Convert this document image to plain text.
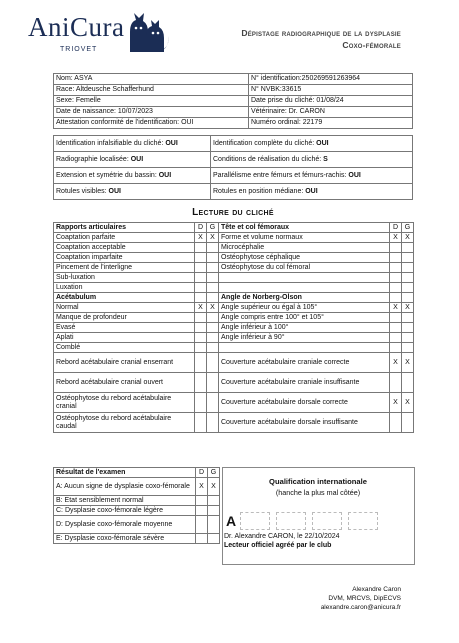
AniCura
TRIOVET
Dépistage radiographique de la dysplasie
Coxo-fémorale
Nom: ASYA	N° identification:250269591263964
Race: Altdeusche Schafferhund	N° NVBK:33615
Sexe: Femelle	Date prise du cliché: 01/08/24
Date de naissance: 10/07/2023	Vétérinaire: Dr. CARON
Attestation conformité de l'identification: OUI	Numéro ordinal: 22179
Identification infalsifiable du cliché: OUI	Identification complète du cliché: OUI
Radiographie localisée: OUI	Conditions de réalisation du cliché: S
Extension et symétrie du bassin: OUI	Parallélisme entre fémurs et fémurs-rachis: OUI
Rotules visibles: OUI	Rotules en position médiane: OUI
Lecture du cliché
Rapports articulaires	D	G	Tête et col fémoraux	D	G
Coaptation parfaite	X	X	Forme et volume normaux	X	X
Coaptation acceptable			Microcéphalie		
Coaptation imparfaite			Ostéophytose céphalique		
Pincement de l'interligne			Ostéophytose du col fémoral		
Sub-luxation					
Luxation					
Acétabulum			Angle de Norberg-Olson		
Normal	X	X	Angle supérieur ou égal à 105°	X	X
Manque de profondeur			Angle compris entre 100° et 105°		
Evasé			Angle inférieur à 100°		
Aplati			Angle inférieur à 90°		
Comblé					
Rebord acétabulaire cranial enserrant			Couverture acétabulaire craniale correcte	X	X
Rebord acétabulaire cranial ouvert			Couverture acétabulaire craniale insuffisante		
Ostéophytose du rebord acétabulaire cranial			Couverture acétabulaire dorsale correcte	X	X
Ostéophytose du rebord acétabulaire caudal			Couverture acétabulaire dorsale insuffisante		
Résultat de l'examen	D	G
A: Aucun signe de dysplasie coxo-fémorale	X	X
B: Etat sensiblement normal		
C: Dysplasie coxo-fémorale légère		
D: Dysplasie coxo-fémorale moyenne		
E: Dysplasie coxo-fémorale sévère		
Qualification internationale
(hanche la plus mal côtée)
A
Dr. Alexandre CARON, le 22/10/2024
Lecteur officiel agréé par le club
Alexandre Caron
DVM, MRCVS, DipECVS
alexandre.caron@anicura.fr
